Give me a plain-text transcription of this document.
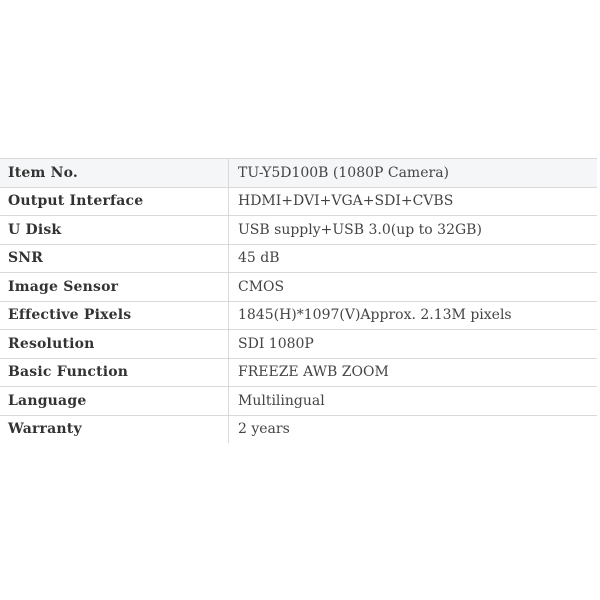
Item No.	TU-Y5D100B (1080P Camera)
Output Interface	HDMI+DVI+VGA+SDI+CVBS
U Disk	USB supply+USB 3.0(up to 32GB)
SNR	45 dB
Image Sensor	CMOS
Effective Pixels	1845(H)*1097(V)Approx. 2.13M pixels
Resolution	SDI 1080P
Basic Function	FREEZE AWB ZOOM
Language	Multilingual
Warranty	2 years
